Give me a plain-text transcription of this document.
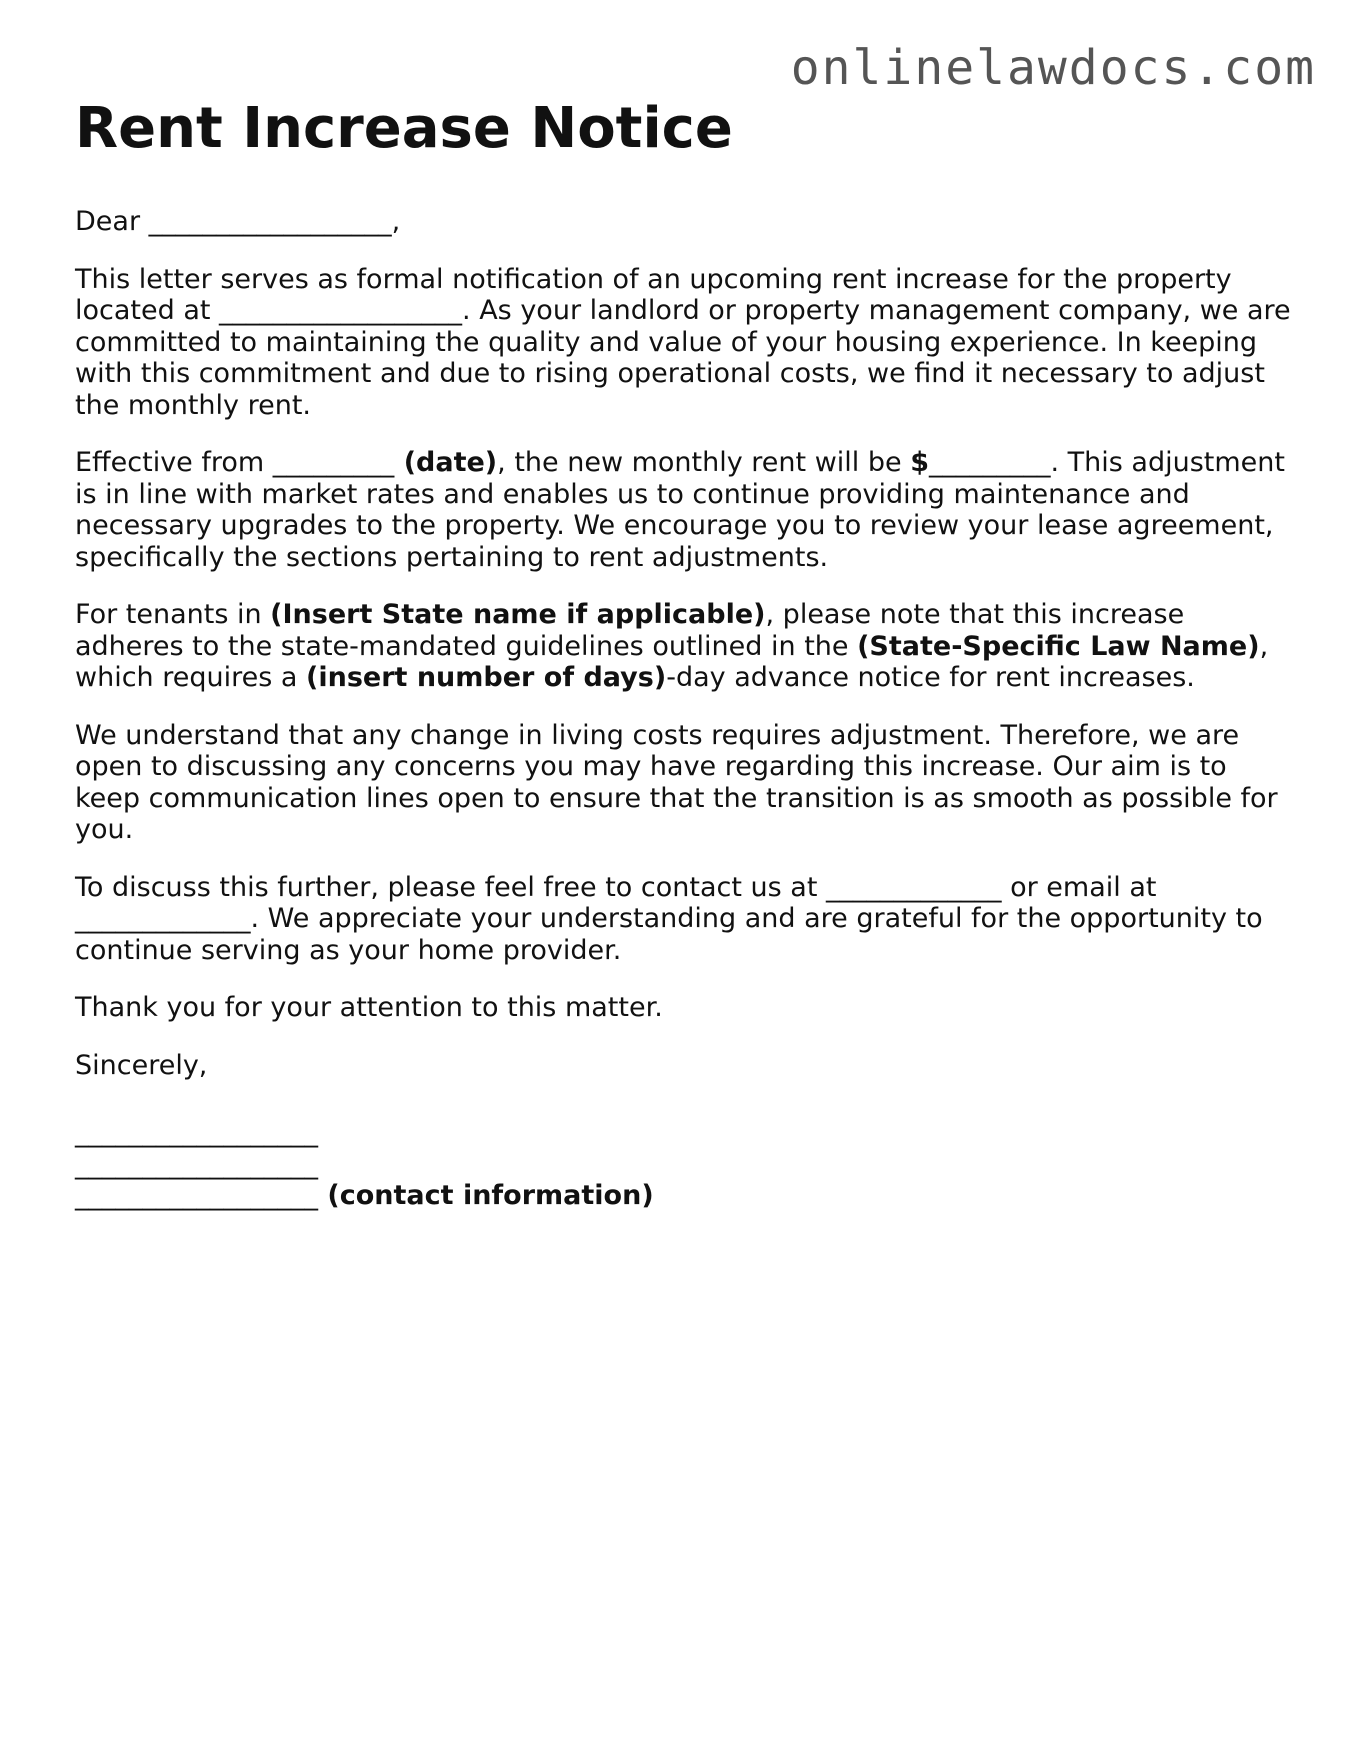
onlinelawdocs.com
Rent Increase Notice

Dear __________________,

This letter serves as formal notification of an upcoming rent increase for the property located at __________________. As your landlord or property management company, we are committed to maintaining the quality and value of your housing experience. In keeping with this commitment and due to rising operational costs, we find it necessary to adjust the monthly rent.

Effective from _________ (date), the new monthly rent will be $_________. This adjustment is in line with market rates and enables us to continue providing maintenance and necessary upgrades to the property. We encourage you to review your lease agreement, specifically the sections pertaining to rent adjustments.

For tenants in (Insert State name if applicable), please note that this increase adheres to the state-mandated guidelines outlined in the (State-Specific Law Name), which requires a (insert number of days)-day advance notice for rent increases.

We understand that any change in living costs requires adjustment. Therefore, we are open to discussing any concerns you may have regarding this increase. Our aim is to keep communication lines open to ensure that the transition is as smooth as possible for you.

To discuss this further, please feel free to contact us at _____________ or email at _____________. We appreciate your understanding and are grateful for the opportunity to continue serving as your home provider.

Thank you for your attention to this matter.

Sincerely,

__________________
__________________
__________________ (contact information)
